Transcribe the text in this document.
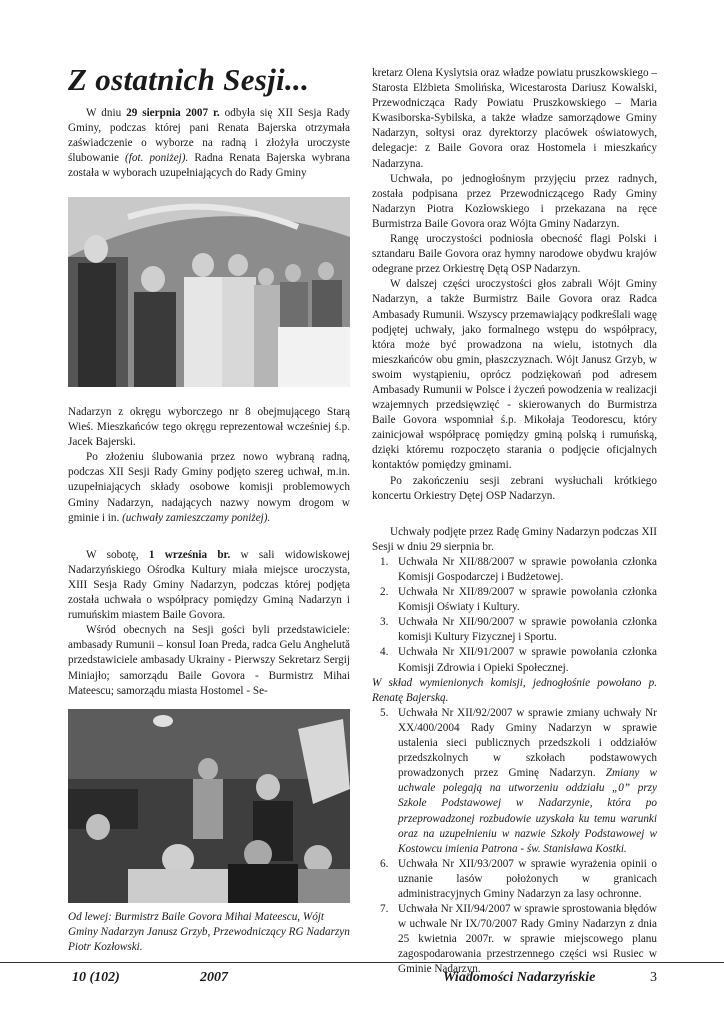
Z ostatnich Sesji...

W dniu 29 sierpnia 2007 r. odbyła się XII Sesja Rady Gminy, podczas której pani Renata Bajerska otrzymała zaświadczenie o wyborze na radną i złożyła uroczyste ślubowanie (fot. poniżej). Radna Renata Bajerska wybrana została w wyborach uzupełniających do Rady Gminy

Nadarzyn z okręgu wyborczego nr 8 obejmującego Starą Wieś. Mieszkańców tego okręgu reprezentował wcześniej ś.p. Jacek Bajerski.

Po złożeniu ślubowania przez nowo wybraną radną, podczas XII Sesji Rady Gminy podjęto szereg uchwał, m.in. uzupełniających składy osobowe komisji problemowych Gminy Nadarzyn, nadających nazwy nowym drogom w gminie i in. (uchwały zamieszczamy poniżej).

W sobotę, 1 września br. w sali widowiskowej Nadarzyńskiego Ośrodka Kultury miała miejsce uroczysta, XIII Sesja Rady Gminy Nadarzyn, podczas której podjęta została uchwała o współpracy pomiędzy Gminą Nadarzyn i rumuńskim miastem Baile Govora.

Wśród obecnych na Sesji gości byli przedstawiciele: ambasady Rumunii – konsul Ioan Preda, radca Gelu Anghelută przedstawiciele ambasady Ukrainy - Pierwszy Sekretarz Sergij Miniajło; samorządu Baile Govora - Burmistrz Mihai Mateescu; samorządu miasta Hostomel - Se-

Od lewej: Burmistrz Baile Govora Mihai Mateescu, Wójt Gminy Nadarzyn Janusz Grzyb, Przewodniczący RG Nadarzyn Piotr Kozłowski.

kretarz Olena Kyslytsia oraz władze powiatu pruszkowskiego – Starosta Elżbieta Smolińska, Wicestarosta Dariusz Kowalski, Przewodnicząca Rady Powiatu Pruszkowskiego – Maria Kwasiborska-Sybilska, a także władze samorządowe Gminy Nadarzyn, sołtysi oraz dyrektorzy placówek oświatowych, delegacje: z Baile Govora oraz Hostomela i mieszkańcy Nadarzyna.

Uchwała, po jednogłośnym przyjęciu przez radnych, została podpisana przez Przewodniczącego Rady Gminy Nadarzyn Piotra Kozłowskiego i przekazana na ręce Burmistrza Baile Govora oraz Wójta Gminy Nadarzyn.

Rangę uroczystości podniosła obecność flagi Polski i sztandaru Baile Govora oraz hymny narodowe obydwu krajów odegrane przez Orkiestrę Dętą OSP Nadarzyn.

W dalszej części uroczystości głos zabrali Wójt Gminy Nadarzyn, a także Burmistrz Baile Govora oraz Radca Ambasady Rumunii. Wszyscy przemawiający podkreślali wagę podjętej uchwały, jako formalnego wstępu do współpracy, która może być prowadzona na wielu, istotnych dla mieszkańców obu gmin, płaszczyznach. Wójt Janusz Grzyb, w swoim wystąpieniu, oprócz podziękowań pod adresem Ambasady Rumunii w Polsce i życzeń powodzenia w realizacji wzajemnych przedsięwzięć - skierowanych do Burmistrza Baile Govora wspomniał ś.p. Mikołaja Teodorescu, który zainicjował współpracę pomiędzy gminą polską i rumuńską, dzięki któremu rozpoczęto starania o podjęcie oficjalnych kontaktów pomiędzy gminami.

Po zakończeniu sesji zebrani wysłuchali krótkiego koncertu Orkiestry Dętej OSP Nadarzyn.

Uchwały podjęte przez Radę Gminy Nadarzyn podczas XII Sesji w dniu 29 sierpnia br.

1. Uchwała Nr XII/88/2007 w sprawie powołania członka Komisji Gospodarczej i Budżetowej.
2. Uchwała Nr XII/89/2007 w sprawie powołania członka Komisji Oświaty i Kultury.
3. Uchwała Nr XII/90/2007 w sprawie powołania członka komisji Kultury Fizycznej i Sportu.
4. Uchwała Nr XII/91/2007 w sprawie powołania członka Komisji Zdrowia i Opieki Społecznej.

W skład wymienionych komisji, jednogłośnie powołano p. Renatę Bajerską.

5. Uchwała Nr XII/92/2007 w sprawie zmiany uchwały Nr XX/400/2004 Rady Gminy Nadarzyn w sprawie ustalenia sieci publicznych przedszkoli i oddziałów przedszkolnych w szkołach podstawowych prowadzonych przez Gminę Nadarzyn. Zmiany w uchwale polegają na utworzeniu oddziału „0” przy Szkole Podstawowej w Nadarzynie, która po przeprowadzonej rozbudowie uzyskała ku temu warunki oraz na uzupełnieniu w nazwie Szkoły Podstawowej w Kostowcu imienia Patrona - św. Stanisława Kostki.
6. Uchwała Nr XII/93/2007 w sprawie wyrażenia opinii o uznanie lasów położonych w granicach administracyjnych Gminy Nadarzyn za lasy ochronne.
7. Uchwała Nr XII/94/2007 w sprawie sprostowania błędów w uchwale Nr IX/70/2007 Rady Gminy Nadarzyn z dnia 25 kwietnia 2007r. w sprawie miejscowego planu zagospodarowania przestrzennego części wsi Rusiec w Gminie Nadarzyn.
10 (102)	2007	Wiadomości Nadarzyńskie	3
